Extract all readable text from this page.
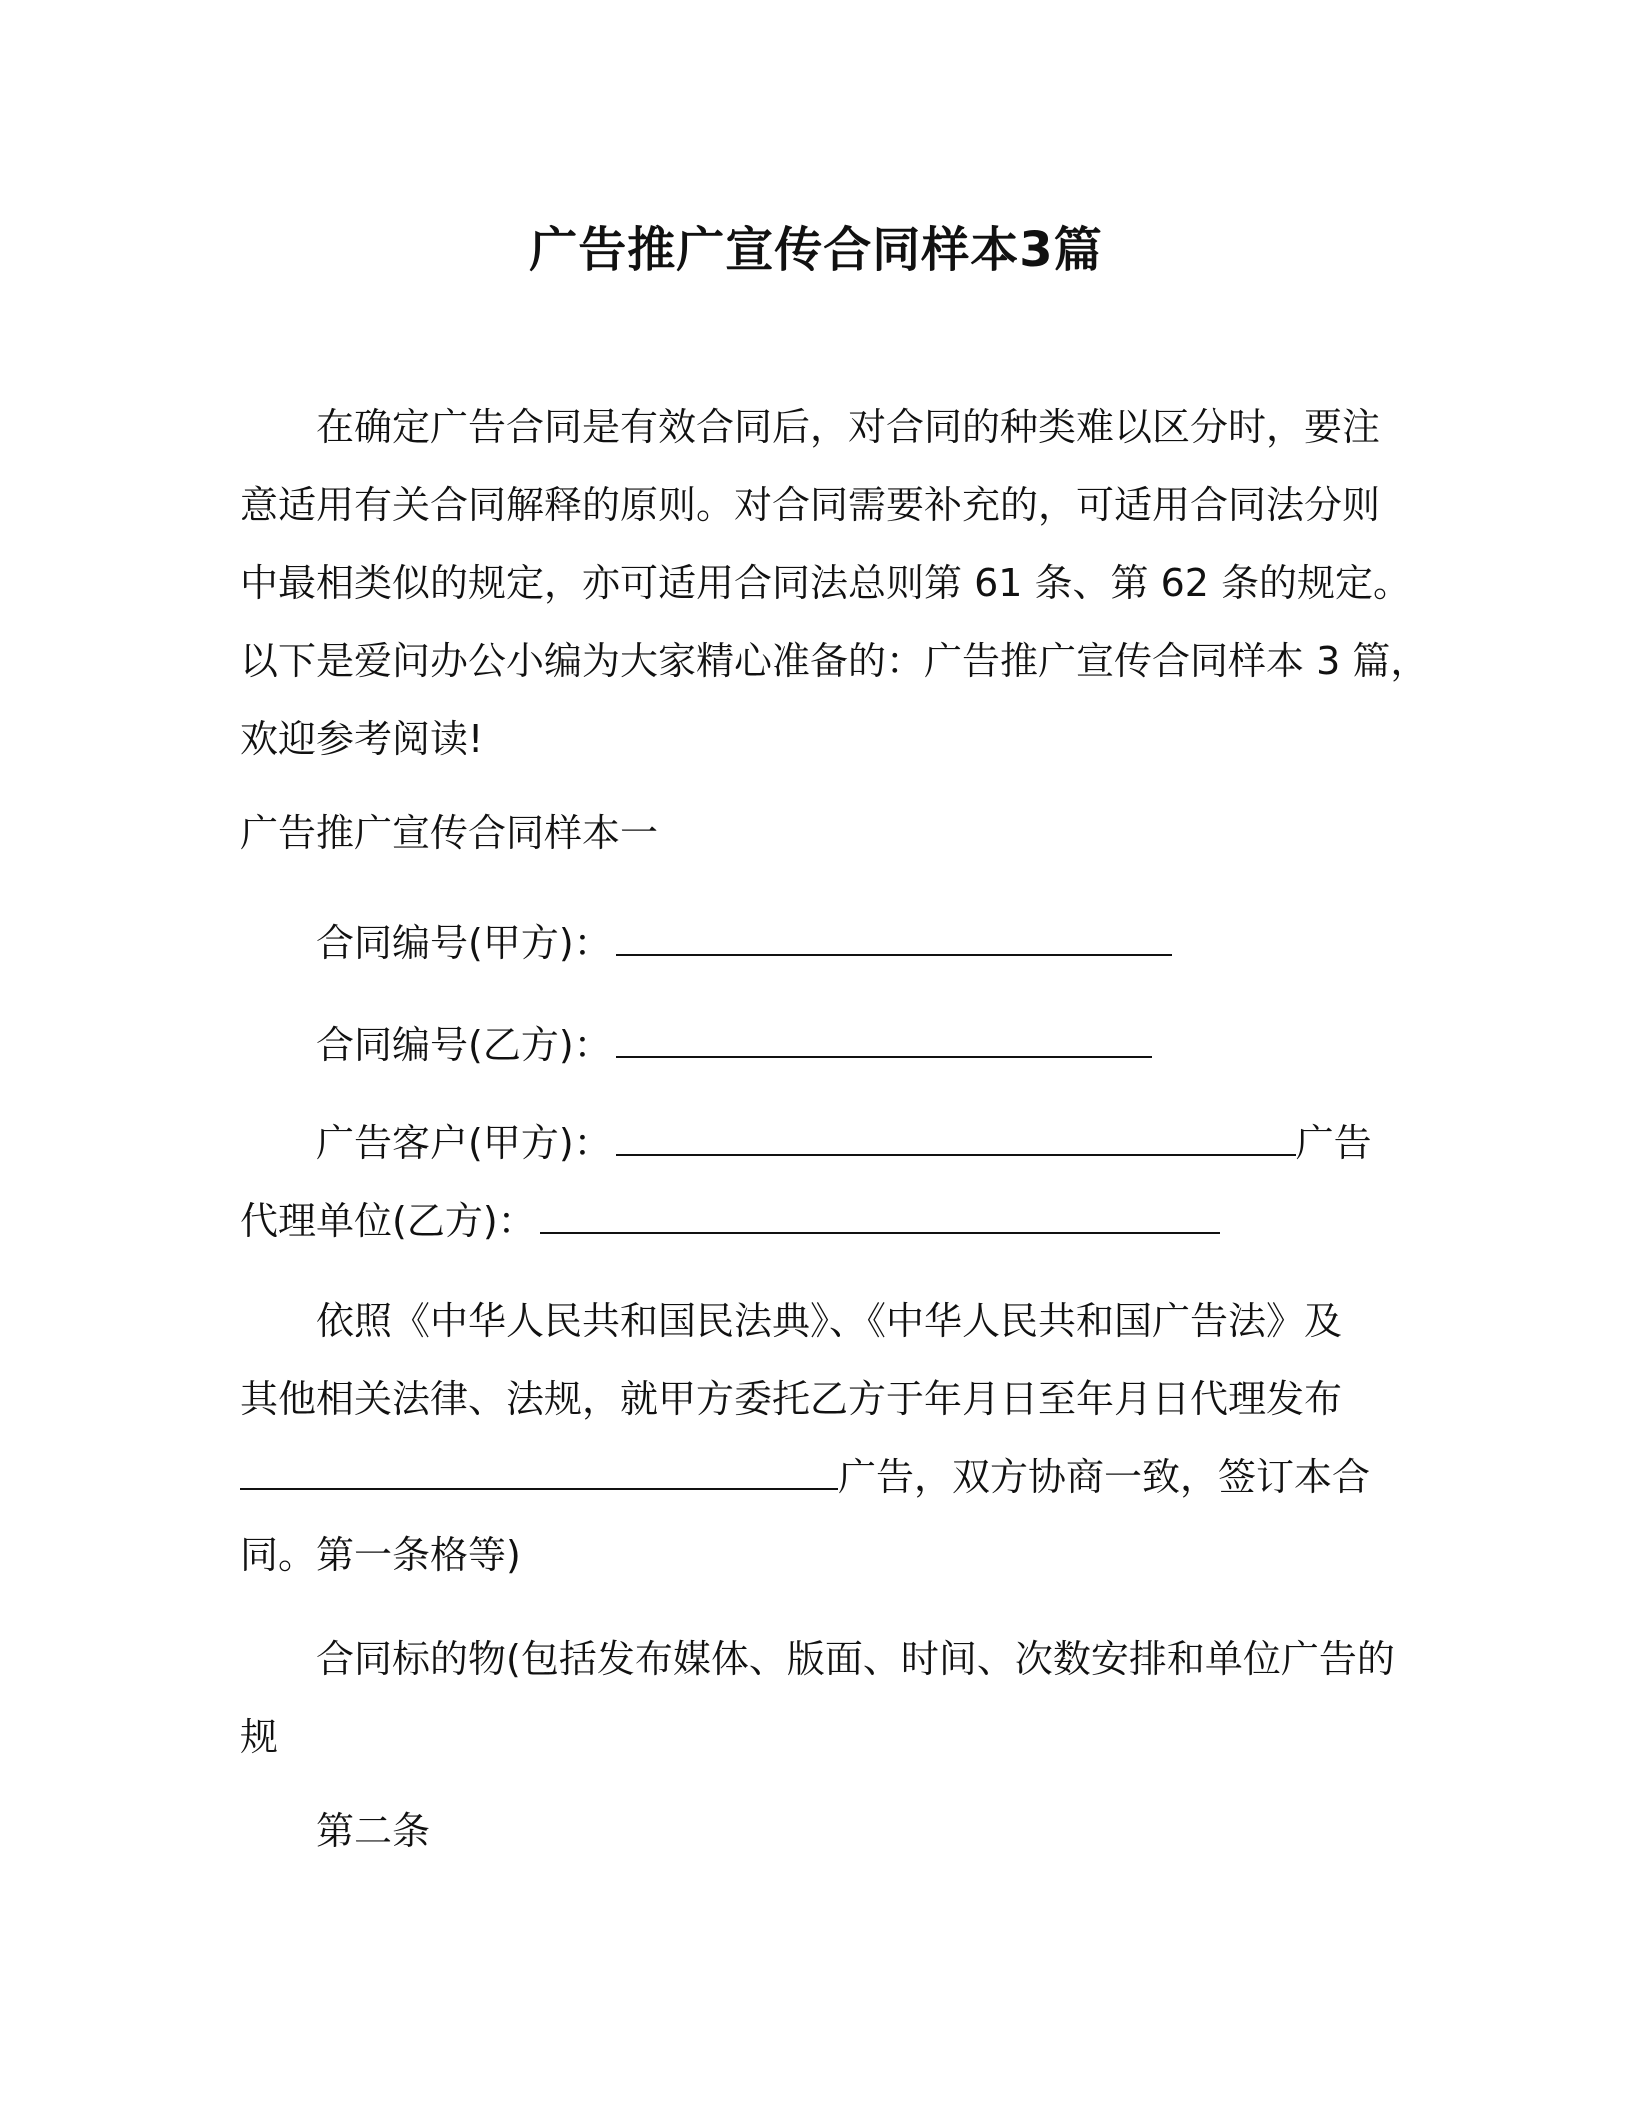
广告推广宣传合同样本3篇
在确定广告合同是有效合同后，对合同的种类难以区分时，要注
意适用有关合同解释的原则。对合同需要补充的，可适用合同法分则
中最相类似的规定，亦可适用合同法总则第 61 条、第 62 条的规定。
以下是爱问办公小编为大家精心准备的：广告推广宣传合同样本 3 篇，
欢迎参考阅读!
广告推广宣传合同样本一
合同编号(甲方)：
合同编号(乙方)：
广告客户(甲方)：	广告
代理单位(乙方)：
依照《中华人民共和国民法典》、《中华人民共和国广告法》及
其他相关法律、法规，就甲方委托乙方于年月日至年月日代理发布
广告，双方协商一致，签订本合
同。第一条格等)
合同标的物(包括发布媒体、版面、时间、次数安排和单位广告的
规
第二条
